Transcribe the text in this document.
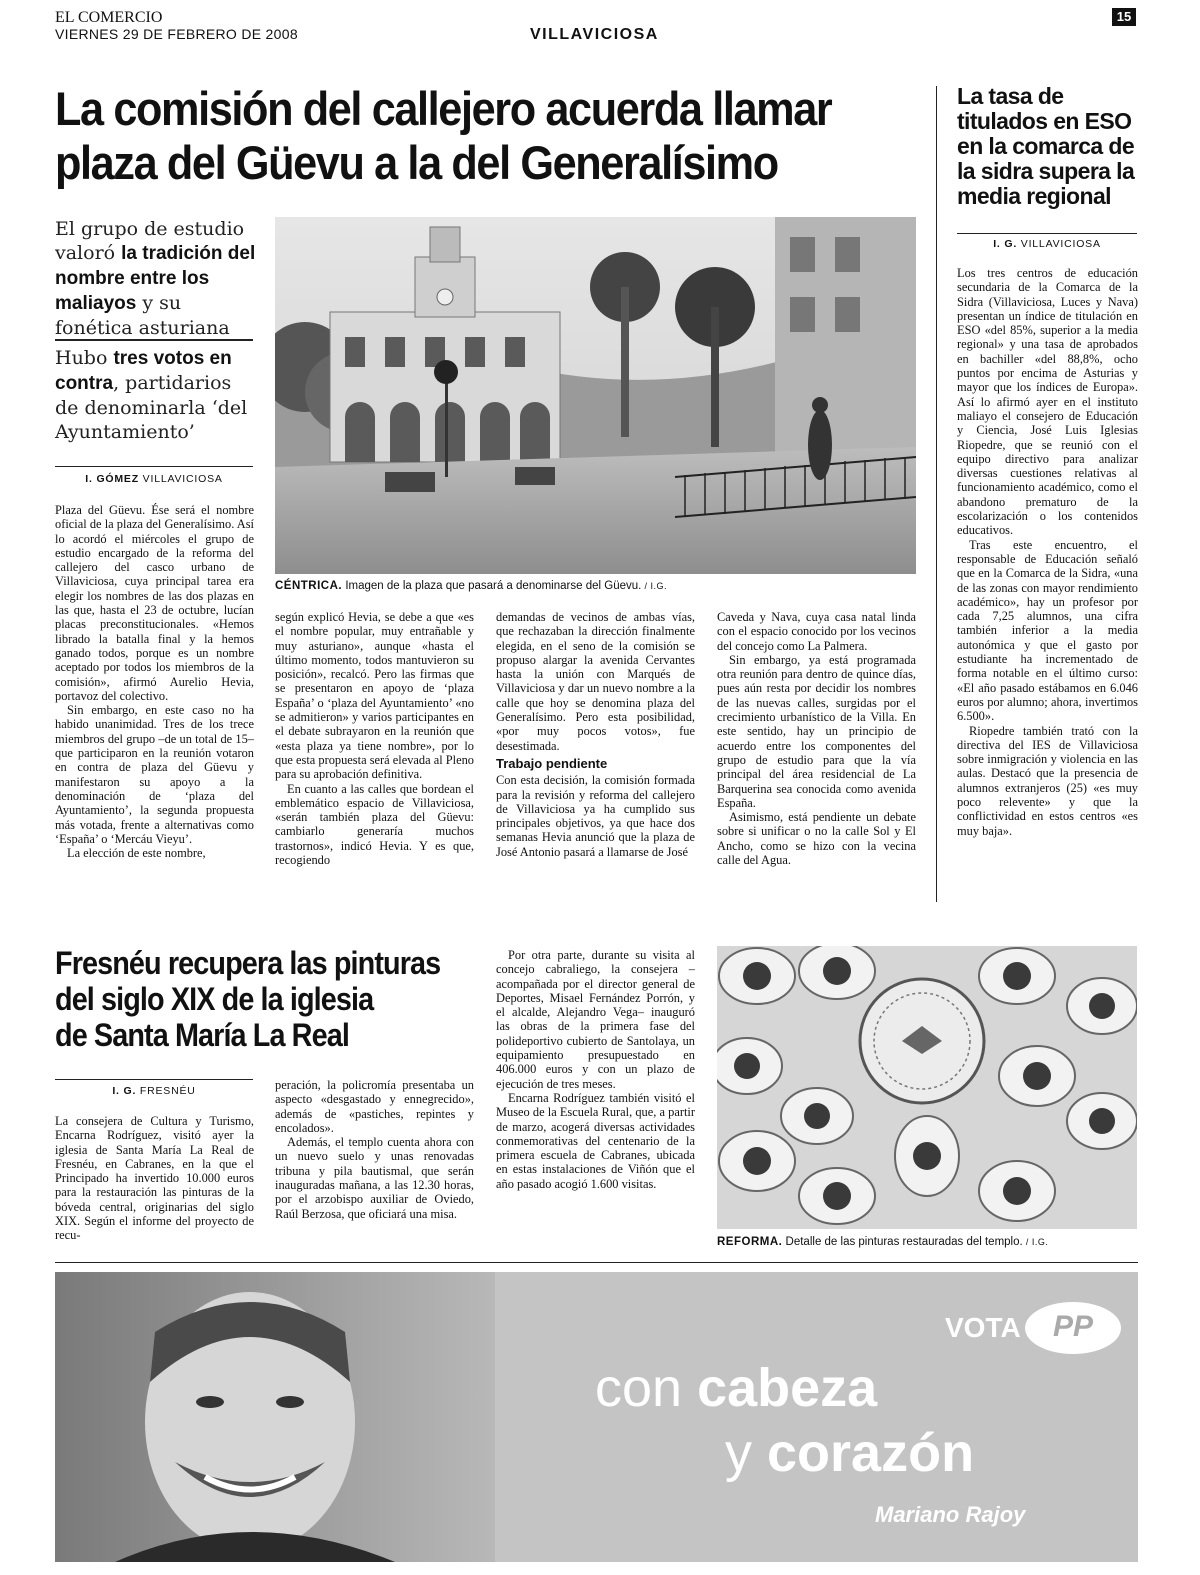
EL COMERCIO
VIERNES 29 DE FEBRERO DE 2008	VILLAVICIOSA
15
La comisión del callejero acuerda llamar
plaza del Güevu a la del Generalísimo
El grupo de estudio valoró la tradición del nombre entre los maliayos y su fonética asturiana
Hubo tres votos en contra, partidarios de denominarla ‘del Ayuntamiento’
I. GÓMEZ VILLAVICIOSA
CÉNTRICA. Imagen de la plaza que pasará a denominarse del Güevu. / I.G.

Plaza del Güevu. Ése será el nombre oficial de la plaza del Generalísimo. Así lo acordó el miércoles el grupo de estudio encargado de la reforma del callejero del casco urbano de Villaviciosa, cuya principal tarea era elegir los nombres de las dos plazas en las que, hasta el 23 de octubre, lucían placas preconstitucionales. «Hemos librado la batalla final y la hemos ganado todos, porque es un nombre aceptado por todos los miembros de la comisión», afirmó Aurelio Hevia, portavoz del colectivo.

Sin embargo, en este caso no ha habido unanimidad. Tres de los trece miembros del grupo –de un total de 15– que participaron en la reunión votaron en contra de plaza del Güevu y manifestaron su apoyo a la denominación de ‘plaza del Ayuntamiento’, la segunda propuesta más votada, frente a alternativas como ‘España’ o ‘Mercáu Vieyu’.

La elección de este nombre,

según explicó Hevia, se debe a que «es el nombre popular, muy entrañable y muy asturiano», aunque «hasta el último momento, todos mantuvieron su posición», recalcó. Pero las firmas que se presentaron en apoyo de ‘plaza España’ o ‘plaza del Ayuntamiento’ «no se admitieron» y varios participantes en el debate subrayaron en la reunión que «esta plaza ya tiene nombre», por lo que esta propuesta será elevada al Pleno para su aprobación definitiva.

En cuanto a las calles que bordean el emblemático espacio de Villaviciosa, «serán también plaza del Güevu: cambiarlo generaría muchos trastornos», indicó Hevia. Y es que, recogiendo

demandas de vecinos de ambas vías, que rechazaban la dirección finalmente elegida, en el seno de la comisión se propuso alargar la avenida Cervantes hasta la unión con Marqués de Villaviciosa y dar un nuevo nombre a la calle que hoy se denomina plaza del Generalísimo. Pero esta posibilidad, «por muy pocos votos», fue desestimada.

Trabajo pendiente

Con esta decisión, la comisión formada para la revisión y reforma del callejero de Villaviciosa ya ha cumplido sus principales objetivos, ya que hace dos semanas Hevia anunció que la plaza de José Antonio pasará a llamarse de José

Caveda y Nava, cuya casa natal linda con el espacio conocido por los vecinos del concejo como La Palmera.

Sin embargo, ya está programada otra reunión para dentro de quince días, pues aún resta por decidir los nombres de las nuevas calles, surgidas por el crecimiento urbanístico de la Villa. En este sentido, hay un principio de acuerdo entre los componentes del grupo de estudio para que la vía principal del área residencial de La Barquerina sea conocida como avenida España.

Asimismo, está pendiente un debate sobre si unificar o no la calle Sol y El Ancho, como se hizo con la vecina calle del Agua.

La tasa de titulados en ESO en la comarca de la sidra supera la media regional
I. G. VILLAVICIOSA

Los tres centros de educación secundaria de la Comarca de la Sidra (Villaviciosa, Luces y Nava) presentan un índice de titulación en ESO «del 85%, superior a la media regional» y una tasa de aprobados en bachiller «del 88,8%, ocho puntos por encima de Asturias y mayor que los índices de Europa». Así lo afirmó ayer en el instituto maliayo el consejero de Educación y Ciencia, José Luis Iglesias Riopedre, que se reunió con el equipo directivo para analizar diversas cuestiones relativas al funcionamiento académico, como el abandono prematuro de la escolarización o los contenidos educativos.

Tras este encuentro, el responsable de Educación señaló que en la Comarca de la Sidra, «una de las zonas con mayor rendimiento académico», hay un profesor por cada 7,25 alumnos, una cifra también inferior a la media autonómica y que el gasto por estudiante ha incrementado de forma notable en el último curso: «El año pasado estábamos en 6.046 euros por alumno; ahora, invertimos 6.500».

Riopedre también trató con la directiva del IES de Villaviciosa sobre inmigración y violencia en las aulas. Destacó que la presencia de alumnos extranjeros (25) «es muy poco relevente» y que la conflictividad en estos centros «es muy baja».

Fresnéu recupera las pinturas
del siglo XIX de la iglesia
de Santa María La Real
I. G. FRESNÉU

La consejera de Cultura y Turismo, Encarna Rodríguez, visitó ayer la iglesia de Santa María La Real de Fresnéu, en Cabranes, en la que el Principado ha invertido 10.000 euros para la restauración las pinturas de la bóveda central, originarias del siglo XIX. Según el informe del proyecto de recu-

peración, la policromía presentaba un aspecto «desgastado y ennegrecido», además de «pastiches, repintes y encolados».

Además, el templo cuenta ahora con un nuevo suelo y unas renovadas tribuna y pila bautismal, que serán inauguradas mañana, a las 12.30 horas, por el arzobispo auxiliar de Oviedo, Raúl Berzosa, que oficiará una misa.

Por otra parte, durante su visita al concejo cabraliego, la consejera –acompañada por el director general de Deportes, Misael Fernández Porrón, y el alcalde, Alejandro Vega– inauguró las obras de la primera fase del polideportivo cubierto de Santolaya, un equipamiento presupuestado en 406.000 euros y con un plazo de ejecución de tres meses.

Encarna Rodríguez también visitó el Museo de la Escuela Rural, que, a partir de marzo, acogerá diversas actividades conmemorativas del centenario de la primera escuela de Cabranes, ubicada en estas instalaciones de Viñón que el año pasado acogió 1.600 visitas.

REFORMA. Detalle de las pinturas restauradas del templo. / I.G.
VOTA	PP
con cabeza
y corazón
Mariano Rajoy
